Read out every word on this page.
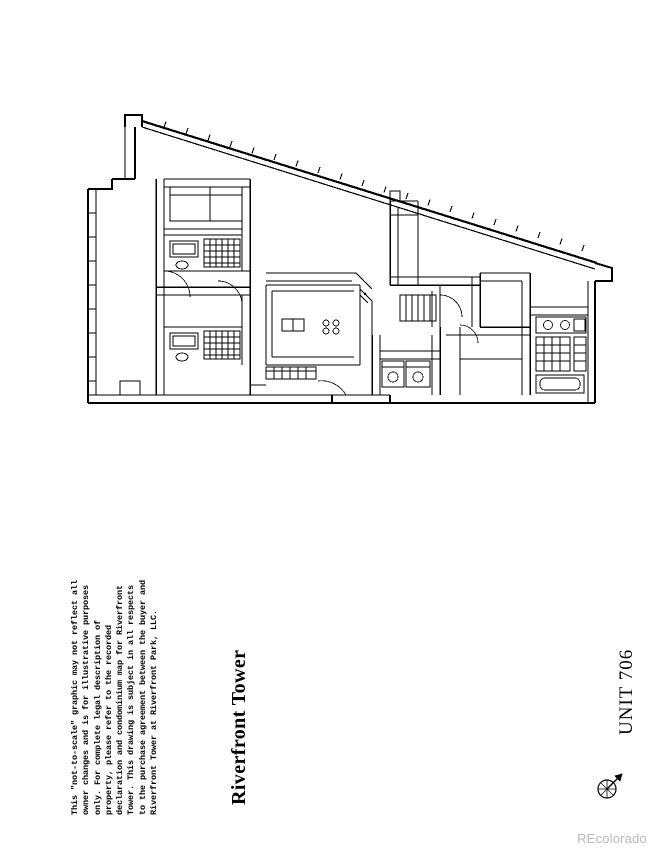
Riverfront Tower	UNIT 706
This "not-to-scale" graphic may not reflect all owner changes and is for illustrative purposes only. For complete legal description of property, please refer to the recorded declaration and condominium map for Riverfront Tower. This drawing is subject in all respects to the purchase agreement between the buyer and Riverfront Tower at Riverfront Park, LLC.
REcolorado
